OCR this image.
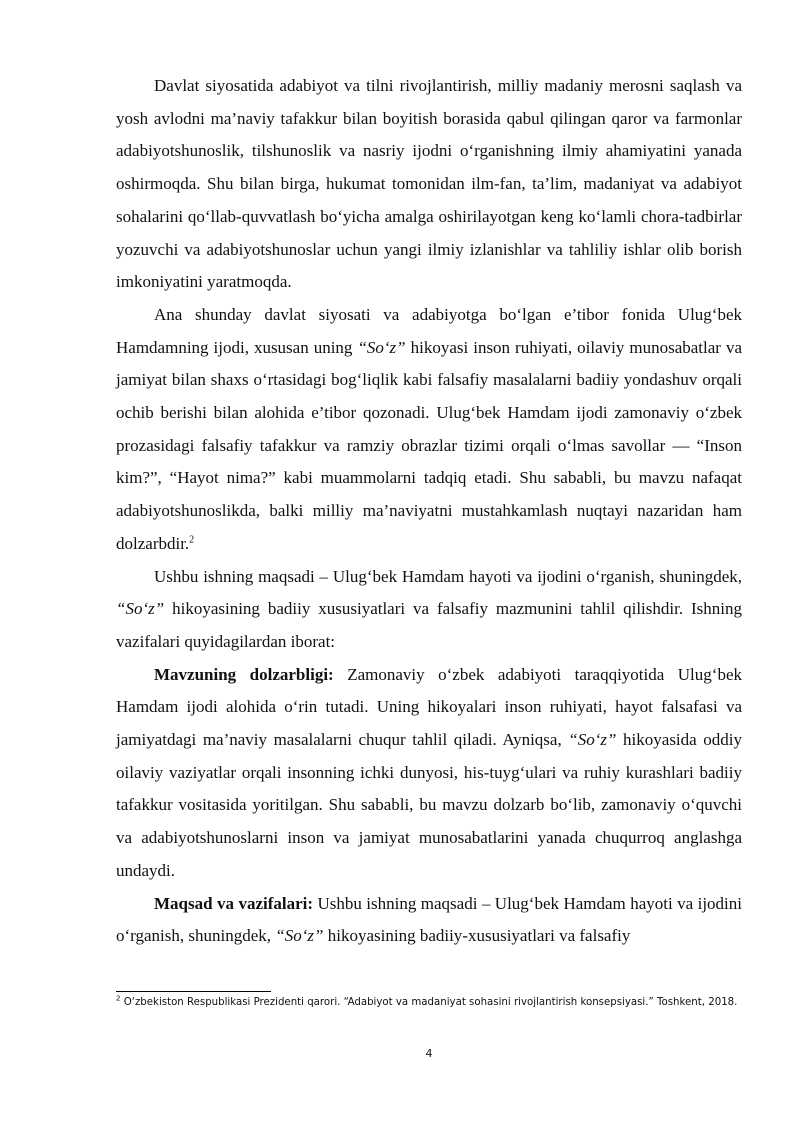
Davlat siyosatida adabiyot va tilni rivojlantirish, milliy madaniy merosni saqlash va yosh avlodni ma’naviy tafakkur bilan boyitish borasida qabul qilingan qaror va farmonlar adabiyotshunoslik, tilshunoslik va nasriy ijodni o‘rganishning ilmiy ahamiyatini yanada oshirmoqda. Shu bilan birga, hukumat tomonidan ilm-fan, ta’lim, madaniyat va adabiyot sohalarini qo‘llab-quvvatlash bo‘yicha amalga oshirilayotgan keng ko‘lamli chora-tadbirlar yozuvchi va adabiyotshunoslar uchun yangi ilmiy izlanishlar va tahliliy ishlar olib borish imkoniyatini yaratmoqda.

Ana shunday davlat siyosati va adabiyotga bo‘lgan e’tibor fonida Ulug‘bek Hamdamning ijodi, xususan uning “So‘z” hikoyasi inson ruhiyati, oilaviy munosabatlar va jamiyat bilan shaxs o‘rtasidagi bog‘liqlik kabi falsafiy masalalarni badiiy yondashuv orqali ochib berishi bilan alohida e’tibor qozonadi. Ulug‘bek Hamdam ijodi zamonaviy o‘zbek prozasidagi falsafiy tafakkur va ramziy obrazlar tizimi orqali o‘lmas savollar — “Inson kim?”, “Hayot nima?” kabi muammolarni tadqiq etadi. Shu sababli, bu mavzu nafaqat adabiyotshunoslikda, balki milliy ma’naviyatni mustahkamlash nuqtayi nazaridan ham dolzarbdir.$^2$

Ushbu ishning maqsadi – Ulug‘bek Hamdam hayoti va ijodini o‘rganish, shuningdek, “So‘z” hikoyasining badiiy xususiyatlari va falsafiy mazmunini tahlil qilishdir. Ishning vazifalari quyidagilardan iborat:

Mavzuning dolzarbligi: Zamonaviy o‘zbek adabiyoti taraqqiyotida Ulug‘bek Hamdam ijodi alohida o‘rin tutadi. Uning hikoyalari inson ruhiyati, hayot falsafasi va jamiyatdagi ma’naviy masalalarni chuqur tahlil qiladi. Ayniqsa, “So‘z” hikoyasida oddiy oilaviy vaziyatlar orqali insonning ichki dunyosi, his-tuyg‘ulari va ruhiy kurashlari badiiy tafakkur vositasida yoritilgan. Shu sababli, bu mavzu dolzarb bo‘lib, zamonaviy o‘quvchi va adabiyotshunoslarni inson va jamiyat munosabatlarini yanada chuqurroq anglashga undaydi.

Maqsad va vazifalari: Ushbu ishning maqsadi – Ulug‘bek Hamdam hayoti va ijodini o‘rganish, shuningdek, “So‘z” hikoyasining badiiy-xususiyatlari va falsafiy

$^2$ O‘zbekiston Respublikasi Prezidenti qarori. “Adabiyot va madaniyat sohasini rivojlantirish konsepsiyasi.” Toshkent, 2018.
4
